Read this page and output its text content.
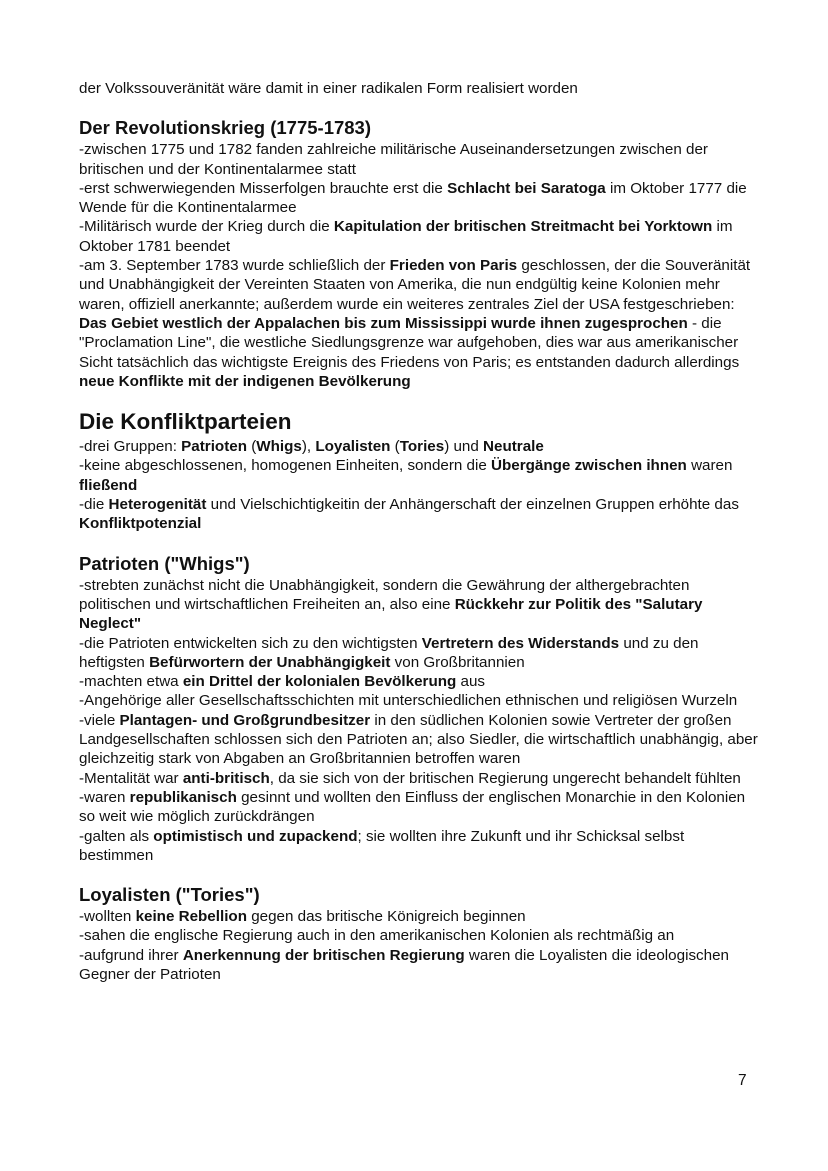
der Volkssouveränität wäre damit in einer radikalen Form realisiert worden

Der Revolutionskrieg (1775-1783)

-zwischen 1775 und 1782 fanden zahlreiche militärische Auseinandersetzungen zwischen der britischen und der Kontinentalarmee statt

-erst schwerwiegenden Misserfolgen brauchte erst die Schlacht bei Saratoga im Oktober 1777 die Wende für die Kontinentalarmee

-Militärisch wurde der Krieg durch die Kapitulation der britischen Streitmacht bei Yorktown im Oktober 1781 beendet

-am 3. September 1783 wurde schließlich der Frieden von Paris geschlossen, der die Souveränität und Unabhängigkeit der Vereinten Staaten von Amerika, die nun endgültig keine Kolonien mehr waren, offiziell anerkannte; außerdem wurde ein weiteres zentrales Ziel der USA festgeschrieben: Das Gebiet westlich der Appalachen bis zum Mississippi wurde ihnen zugesprochen - die "Proclamation Line", die westliche Siedlungsgrenze war aufgehoben, dies war aus amerikanischer Sicht tatsächlich das wichtigste Ereignis des Friedens von Paris; es entstanden dadurch allerdings neue Konflikte mit der indigenen Bevölkerung

Die Konfliktparteien

-drei Gruppen: Patrioten (Whigs), Loyalisten (Tories) und Neutrale

-keine abgeschlossenen, homogenen Einheiten, sondern die Übergänge zwischen ihnen waren fließend

-die Heterogenität und Vielschichtigkeitin der Anhängerschaft der einzelnen Gruppen erhöhte das Konfliktpotenzial

Patrioten ("Whigs")

-strebten zunächst nicht die Unabhängigkeit, sondern die Gewährung der althergebrachten politischen und wirtschaftlichen Freiheiten an, also eine Rückkehr zur Politik des "Salutary Neglect"

-die Patrioten entwickelten sich zu den wichtigsten Vertretern des Widerstands und zu den heftigsten Befürwortern der Unabhängigkeit von Großbritannien

-machten etwa ein Drittel der kolonialen Bevölkerung aus

-Angehörige aller Gesellschaftsschichten mit unterschiedlichen ethnischen und religiösen Wurzeln

-viele Plantagen- und Großgrundbesitzer in den südlichen Kolonien sowie Vertreter der großen Landgesellschaften schlossen sich den Patrioten an; also Siedler, die wirtschaftlich unabhängig, aber gleichzeitig stark von Abgaben an Großbritannien betroffen waren

-Mentalität war anti-britisch, da sie sich von der britischen Regierung ungerecht behandelt fühlten

-waren republikanisch gesinnt und wollten den Einfluss der englischen Monarchie in den Kolonien so weit wie möglich zurückdrängen

-galten als optimistisch und zupackend; sie wollten ihre Zukunft und ihr Schicksal selbst bestimmen

Loyalisten ("Tories")

-wollten keine Rebellion gegen das britische Königreich beginnen

-sahen die englische Regierung auch in den amerikanischen Kolonien als rechtmäßig an

-aufgrund ihrer Anerkennung der britischen Regierung waren die Loyalisten die ideologischen Gegner der Patrioten

7
